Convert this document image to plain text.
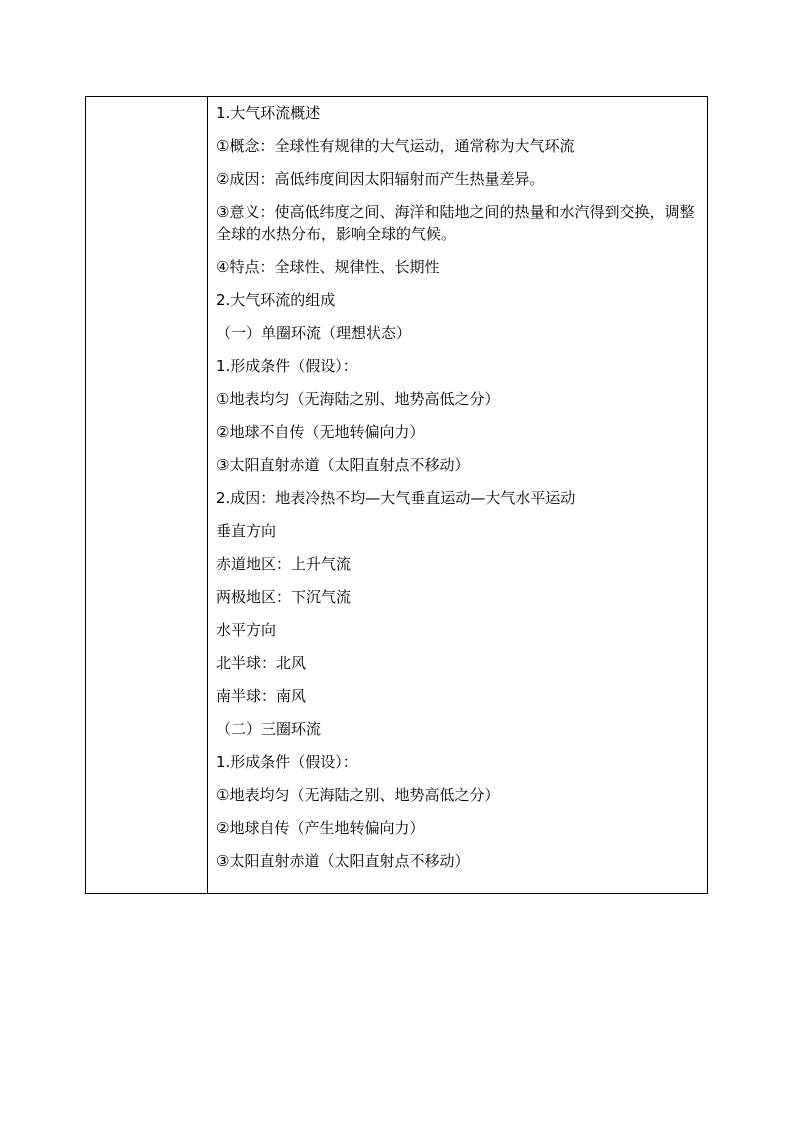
1.大气环流概述
①概念：全球性有规律的大气运动，通常称为大气环流
②成因：高低纬度间因太阳辐射而产生热量差异。
③意义：使高低纬度之间、海洋和陆地之间的热量和水汽得到交换，调整全球的水热分布，影响全球的气候。
④特点：全球性、规律性、长期性
2.大气环流的组成
（一）单圈环流（理想状态）
1.形成条件（假设）：
①地表均匀（无海陆之别、地势高低之分）
②地球不自传（无地转偏向力）
③太阳直射赤道（太阳直射点不移动）
2.成因：地表冷热不均—大气垂直运动—大气水平运动
垂直方向
赤道地区：上升气流
两极地区：下沉气流
水平方向
北半球：北风
南半球：南风
（二）三圈环流
1.形成条件（假设）：
①地表均匀（无海陆之别、地势高低之分）
②地球自传（产生地转偏向力）
③太阳直射赤道（太阳直射点不移动）
